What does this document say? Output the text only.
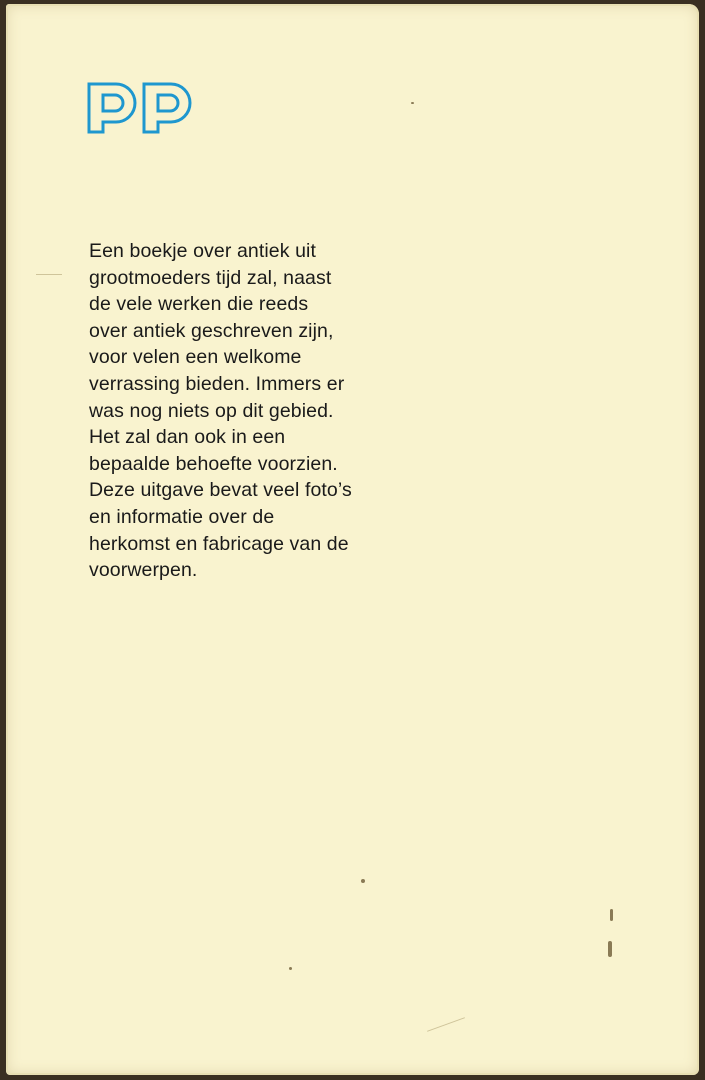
Een boekje over antiek uit
grootmoeders tijd zal, naast
de vele werken die reeds
over antiek geschreven zijn,
voor velen een welkome
verrassing bieden. Immers er
was nog niets op dit gebied.
Het zal dan ook in een
bepaalde behoefte voorzien.
Deze uitgave bevat veel foto’s
en informatie over de
herkomst en fabricage van de
voorwerpen.
